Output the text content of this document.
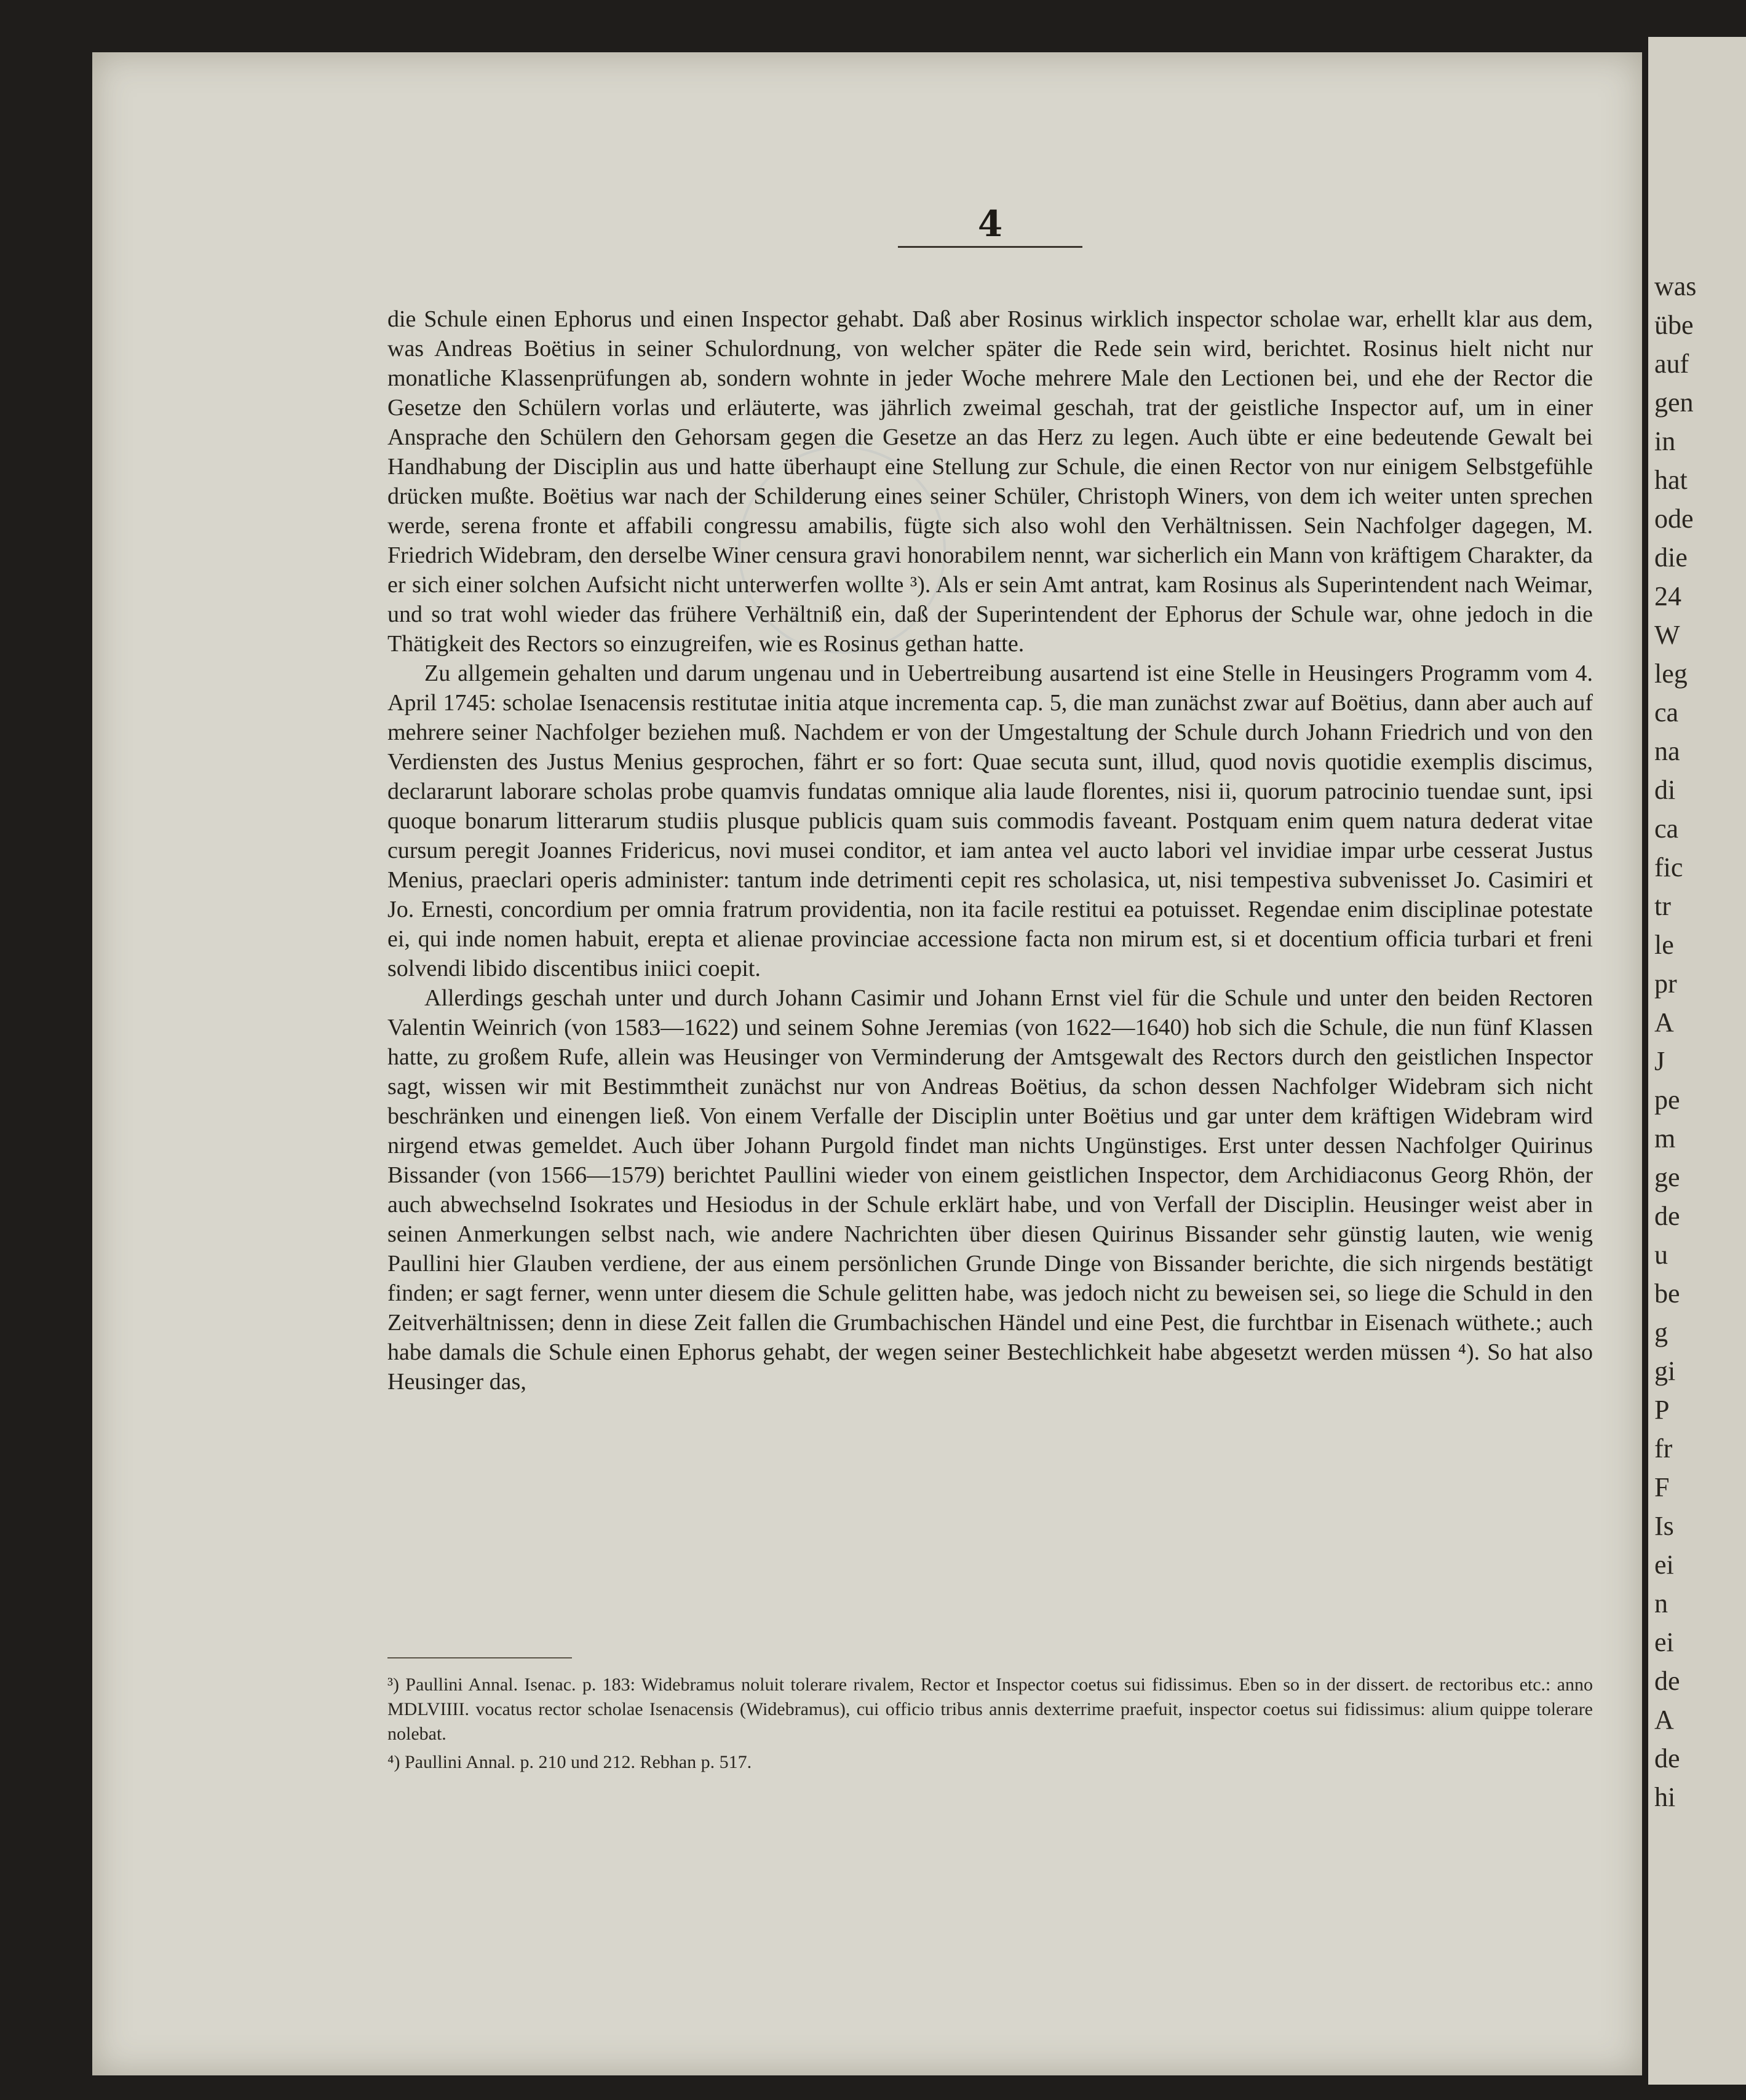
4

die Schule einen Ephorus und einen Inspector gehabt. Daß aber Rosinus wirklich inspector scholae war, erhellt klar aus dem, was Andreas Boëtius in seiner Schulordnung, von welcher später die Rede sein wird, berichtet. Rosinus hielt nicht nur monatliche Klassenprüfungen ab, sondern wohnte in jeder Woche mehrere Male den Lectionen bei, und ehe der Rector die Gesetze den Schülern vorlas und erläuterte, was jährlich zweimal geschah, trat der geistliche Inspector auf, um in einer Ansprache den Schülern den Gehorsam gegen die Gesetze an das Herz zu legen. Auch übte er eine bedeutende Gewalt bei Handhabung der Disciplin aus und hatte überhaupt eine Stellung zur Schule, die einen Rector von nur einigem Selbstgefühle drücken mußte. Boëtius war nach der Schilderung eines seiner Schüler, Christoph Winers, von dem ich weiter unten sprechen werde, serena fronte et affabili congressu amabilis, fügte sich also wohl den Verhältnissen. Sein Nachfolger dagegen, M. Friedrich Widebram, den derselbe Winer censura gravi honorabilem nennt, war sicherlich ein Mann von kräftigem Charakter, da er sich einer solchen Aufsicht nicht unterwerfen wollte ³). Als er sein Amt antrat, kam Rosinus als Superintendent nach Weimar, und so trat wohl wieder das frühere Verhältniß ein, daß der Superintendent der Ephorus der Schule war, ohne jedoch in die Thätigkeit des Rectors so einzugreifen, wie es Rosinus gethan hatte.

Zu allgemein gehalten und darum ungenau und in Uebertreibung ausartend ist eine Stelle in Heusingers Programm vom 4. April 1745: scholae Isenacensis restitutae initia atque incrementa cap. 5, die man zunächst zwar auf Boëtius, dann aber auch auf mehrere seiner Nachfolger beziehen muß. Nachdem er von der Umgestaltung der Schule durch Johann Friedrich und von den Verdiensten des Justus Menius gesprochen, fährt er so fort: Quae secuta sunt, illud, quod novis quotidie exemplis discimus, declararunt laborare scholas probe quamvis fundatas omnique alia laude florentes, nisi ii, quorum patrocinio tuendae sunt, ipsi quoque bonarum litterarum studiis plusque publicis quam suis commodis faveant. Postquam enim quem natura dederat vitae cursum peregit Joannes Fridericus, novi musei conditor, et iam antea vel aucto labori vel invidiae impar urbe cesserat Justus Menius, praeclari operis administer: tantum inde detrimenti cepit res scholasica, ut, nisi tempestiva subvenisset Jo. Casimiri et Jo. Ernesti, concordium per omnia fratrum providentia, non ita facile restitui ea potuisset. Regendae enim disciplinae potestate ei, qui inde nomen habuit, erepta et alienae provinciae accessione facta non mirum est, si et docentium officia turbari et freni solvendi libido discentibus iniici coepit.

Allerdings geschah unter und durch Johann Casimir und Johann Ernst viel für die Schule und unter den beiden Rectoren Valentin Weinrich (von 1583—1622) und seinem Sohne Jeremias (von 1622—1640) hob sich die Schule, die nun fünf Klassen hatte, zu großem Rufe, allein was Heusinger von Verminderung der Amtsgewalt des Rectors durch den geistlichen Inspector sagt, wissen wir mit Bestimmtheit zunächst nur von Andreas Boëtius, da schon dessen Nachfolger Widebram sich nicht beschränken und einengen ließ. Von einem Verfalle der Disciplin unter Boëtius und gar unter dem kräftigen Widebram wird nirgend etwas gemeldet. Auch über Johann Purgold findet man nichts Ungünstiges. Erst unter dessen Nachfolger Quirinus Bissander (von 1566—1579) berichtet Paullini wieder von einem geistlichen Inspector, dem Archidiaconus Georg Rhön, der auch abwechselnd Isokrates und Hesiodus in der Schule erklärt habe, und von Verfall der Disciplin. Heusinger weist aber in seinen Anmerkungen selbst nach, wie andere Nachrichten über diesen Quirinus Bissander sehr günstig lauten, wie wenig Paullini hier Glauben verdiene, der aus einem persönlichen Grunde Dinge von Bissander berichte, die sich nirgends bestätigt finden; er sagt ferner, wenn unter diesem die Schule gelitten habe, was jedoch nicht zu beweisen sei, so liege die Schuld in den Zeitverhältnissen; denn in diese Zeit fallen die Grumbachischen Händel und eine Pest, die furchtbar in Eisenach wüthete.; auch habe damals die Schule einen Ephorus gehabt, der wegen seiner Bestechlichkeit habe abgesetzt werden müssen ⁴). So hat also Heusinger das,

³) Paullini Annal. Isenac. p. 183: Widebramus noluit tolerare rivalem, Rector et Inspector coetus sui fidissimus. Eben so in der dissert. de rectoribus etc.: anno MDLVIIII. vocatus rector scholae Isenacensis (Widebramus), cui officio tribus annis dexterrime praefuit, inspector coetus sui fidissimus: alium quippe tolerare nolebat.

⁴) Paullini Annal. p. 210 und 212. Rebhan p. 517.

was
übe
auf
gen
in
hat
ode
die
24
W
leg
ca
na
di
ca
fic
tr
le
pr
A
J
pe
m
ge
de
u
be
g
gi
P
fr
F
Is
ei
n
ei
de
A
de
hi
